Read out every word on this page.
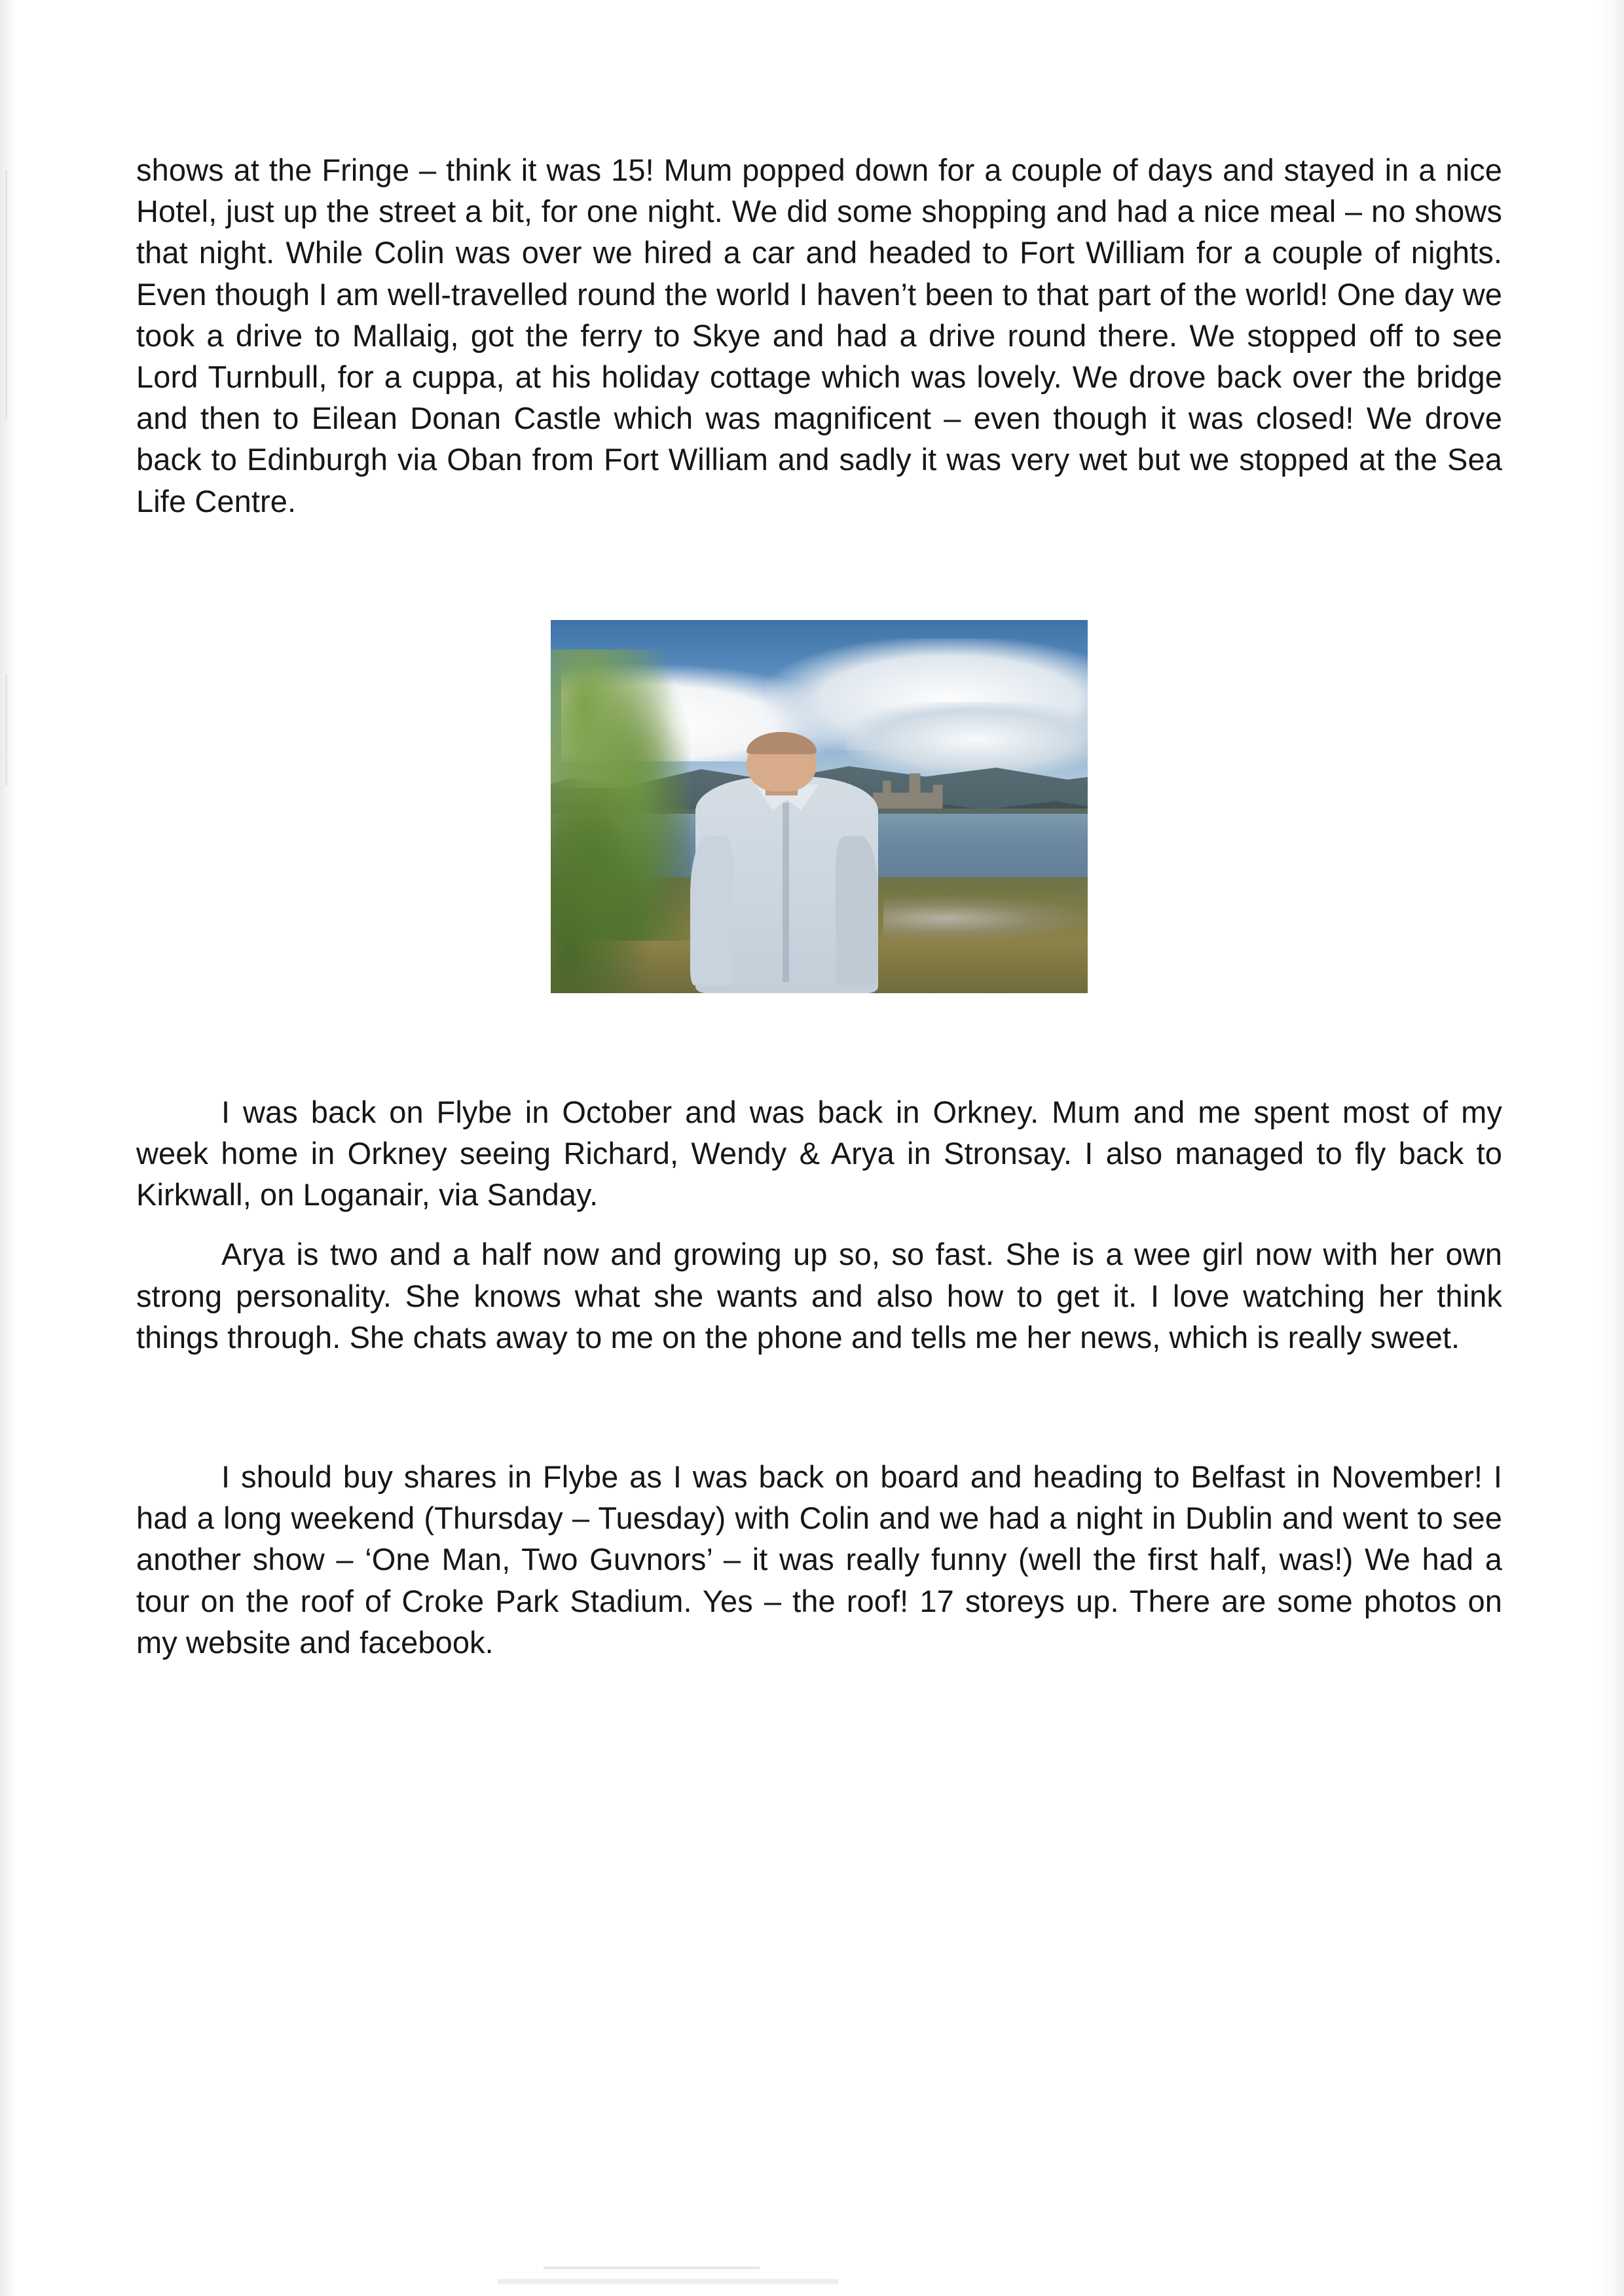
shows at the Fringe – think it was 15! Mum popped down for a couple of days and stayed in a nice Hotel, just up the street a bit, for one night. We did some shopping and had a nice meal – no shows that night. While Colin was over we hired a car and headed to Fort William for a couple of nights. Even though I am well-travelled round the world I haven’t been to that part of the world! One day we took a drive to Mallaig, got the ferry to Skye and had a drive round there. We stopped off to see Lord Turnbull, for a cuppa, at his holiday cottage which was lovely. We drove back over the bridge and then to Eilean Donan Castle which was magnificent – even though it was closed! We drove back to Edinburgh via Oban from Fort William and sadly it was very wet but we stopped at the Sea Life Centre.

I was back on Flybe in October and was back in Orkney. Mum and me spent most of my week home in Orkney seeing Richard, Wendy & Arya in Stronsay. I also managed to fly back to Kirkwall, on Loganair, via Sanday.

Arya is two and a half now and growing up so, so fast. She is a wee girl now with her own strong personality. She knows what she wants and also how to get it. I love watching her think things through. She chats away to me on the phone and tells me her news, which is really sweet.

I should buy shares in Flybe as I was back on board and heading to Belfast in November! I had a long weekend (Thursday – Tuesday) with Colin and we had a night in Dublin and went to see another show – ‘One Man, Two Guvnors’ – it was really funny (well the first half, was!) We had a tour on the roof of Croke Park Stadium. Yes – the roof! 17 storeys up. There are some photos on my website and facebook.
